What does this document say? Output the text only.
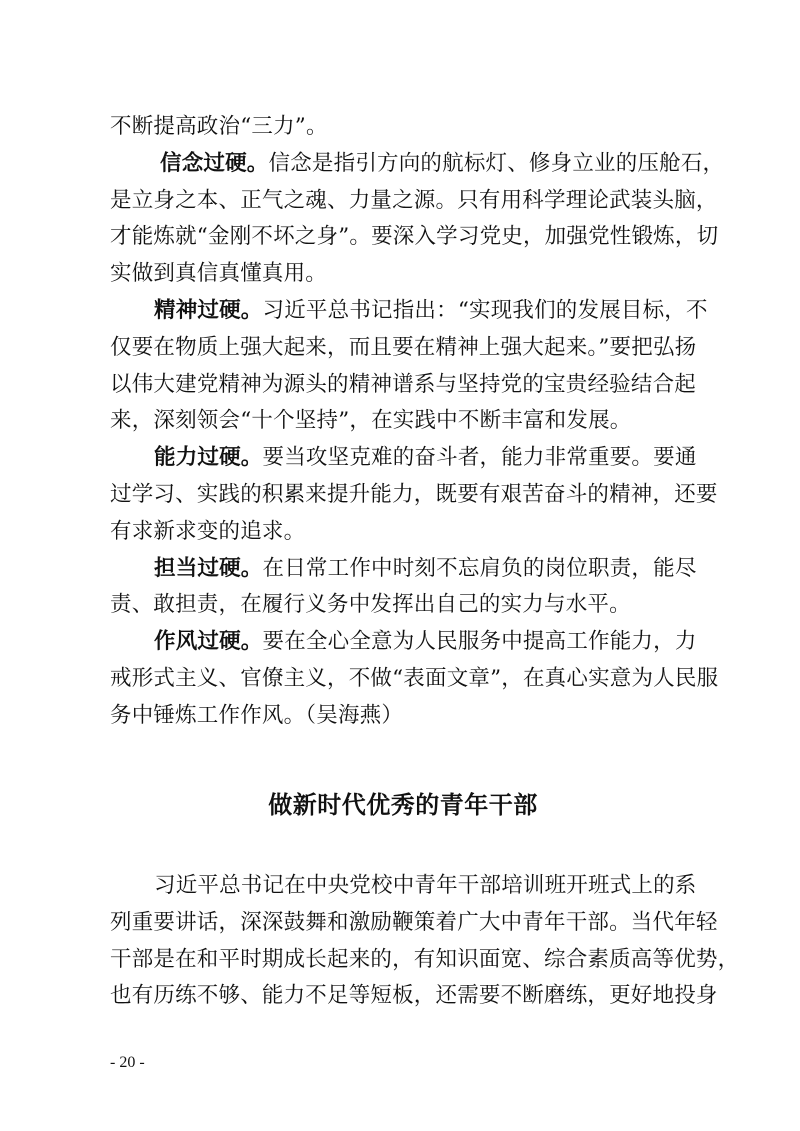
不断提高政治“三力”。
信念过硬。信念是指引方向的航标灯、修身立业的压舱石，
是立身之本、正气之魂、力量之源。只有用科学理论武装头脑，
才能炼就“金刚不坏之身”。要深入学习党史，加强党性锻炼，切
实做到真信真懂真用。
精神过硬。习近平总书记指出：“实现我们的发展目标，不
仅要在物质上强大起来，而且要在精神上强大起来。”要把弘扬
以伟大建党精神为源头的精神谱系与坚持党的宝贵经验结合起
来，深刻领会“十个坚持”，在实践中不断丰富和发展。
能力过硬。要当攻坚克难的奋斗者，能力非常重要。要通
过学习、实践的积累来提升能力，既要有艰苦奋斗的精神，还要
有求新求变的追求。
担当过硬。在日常工作中时刻不忘肩负的岗位职责，能尽
责、敢担责，在履行义务中发挥出自己的实力与水平。
作风过硬。要在全心全意为人民服务中提高工作能力，力
戒形式主义、官僚主义，不做“表面文章”，在真心实意为人民服
务中锤炼工作作风。（吴海燕）
做新时代优秀的青年干部
习近平总书记在中央党校中青年干部培训班开班式上的系
列重要讲话，深深鼓舞和激励鞭策着广大中青年干部。当代年轻
干部是在和平时期成长起来的，有知识面宽、综合素质高等优势，
也有历练不够、能力不足等短板，还需要不断磨练，更好地投身
- 20 -
